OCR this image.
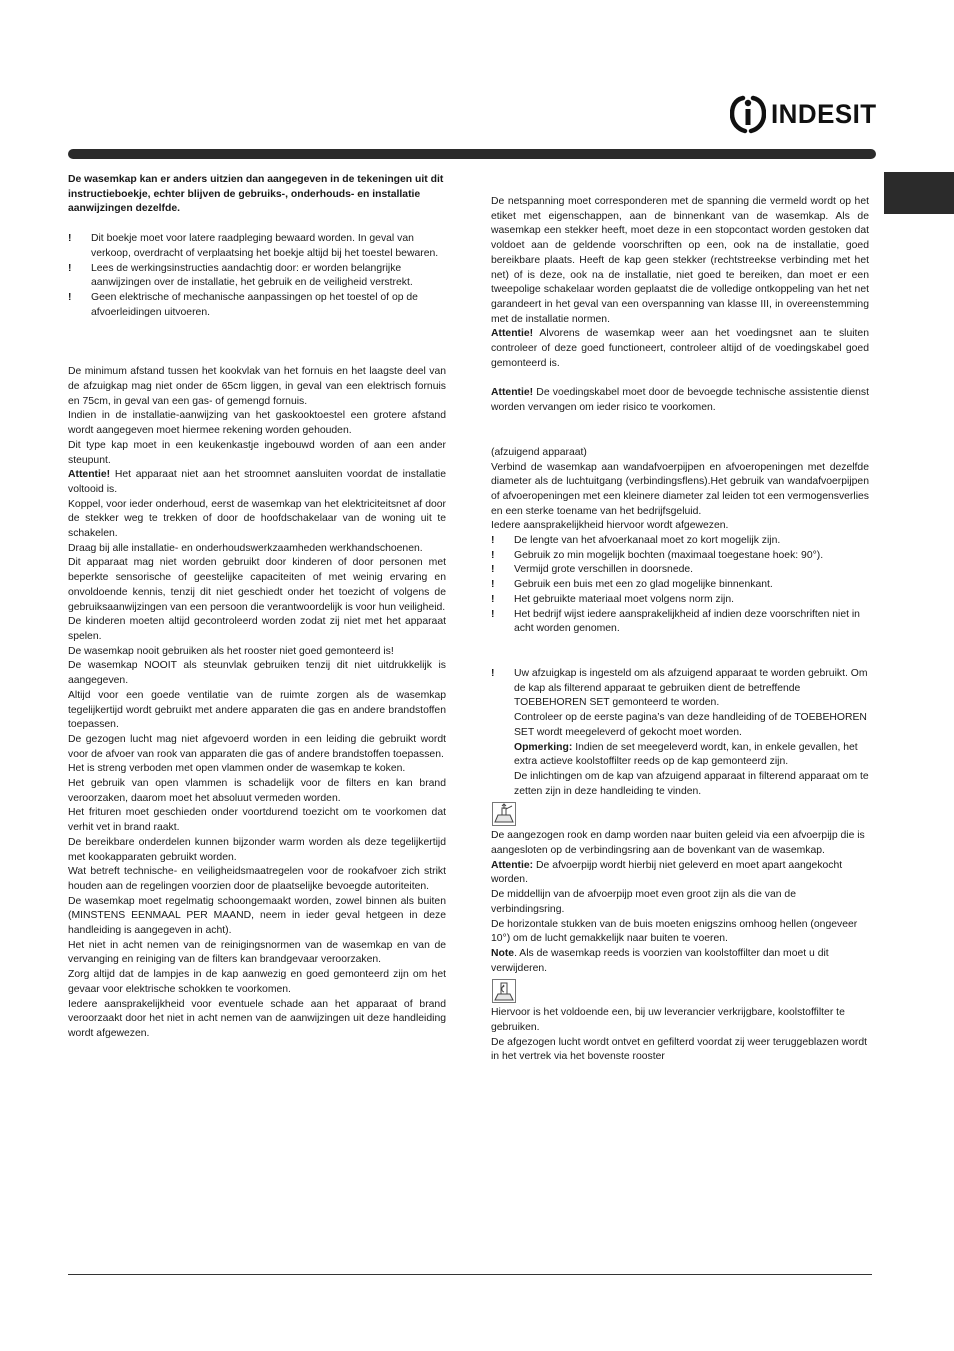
INDESIT

De wasemkap kan er anders uitzien dan aangegeven in de tekeningen uit dit instructieboekje, echter blijven de gebruiks-, onderhouds- en installatie aanwijzingen dezelfde.

! Dit boekje moet voor latere raadpleging bewaard worden. In geval van verkoop, overdracht of verplaatsing het boekje altijd bij het toestel bewaren.

! Lees de werkingsinstructies aandachtig door: er worden belangrijke aanwijzingen over de installatie, het gebruik en de veiligheid verstrekt.

! Geen elektrische of mechanische aanpassingen op het toestel of op de afvoerleidingen uitvoeren.

De minimum afstand tussen het kookvlak van het fornuis en het laagste deel van de afzuigkap mag niet onder de 65cm liggen, in geval van een elektrisch fornuis en 75cm, in geval van een gas- of gemengd fornuis.

Indien in de installatie-aanwijzing van het gaskooktoestel een grotere afstand wordt aangegeven moet hiermee rekening worden gehouden.

Dit type kap moet in een keukenkastje ingebouwd worden of aan een ander steupunt.

Attentie! Het apparaat niet aan het stroomnet aansluiten voordat de installatie voltooid is.

Koppel, voor ieder onderhoud, eerst de wasemkap van het elektriciteitsnet af door de stekker weg te trekken of door de hoofdschakelaar van de woning uit te schakelen.

Draag bij alle installatie- en onderhoudswerkzaamheden werkhandschoenen.

Dit apparaat mag niet worden gebruikt door kinderen of door personen met beperkte sensorische of geestelijke capaciteiten of met weinig ervaring en onvoldoende kennis, tenzij dit niet geschiedt onder het toezicht of volgens de gebruiksaanwijzingen van een persoon die verantwoordelijk is voor hun veiligheid.

De kinderen moeten altijd gecontroleerd worden zodat zij niet met het apparaat spelen.

De wasemkap nooit gebruiken als het rooster niet goed gemonteerd is!

De wasemkap NOOIT als steunvlak gebruiken tenzij dit niet uitdrukkelijk is aangegeven.

Altijd voor een goede ventilatie van de ruimte zorgen als de wasemkap tegelijkertijd wordt gebruikt met andere apparaten die gas en andere brandstoffen toepassen.

De gezogen lucht mag niet afgevoerd worden in een leiding die gebruikt wordt voor de afvoer van rook van apparaten die gas of andere brandstoffen toepassen.

Het is streng verboden met open vlammen onder de wasemkap te koken.

Het gebruik van open vlammen is schadelijk voor de filters en kan brand veroorzaken, daarom moet het absoluut vermeden worden.

Het frituren moet geschieden onder voortdurend toezicht om te voorkomen dat verhit vet in brand raakt.

De bereikbare onderdelen kunnen bijzonder warm worden als deze tegelijkertijd met kookapparaten gebruikt worden.

Wat betreft technische- en veiligheidsmaatregelen voor de rookafvoer zich strikt houden aan de regelingen voorzien door de plaatselijke bevoegde autoriteiten.

De wasemkap moet regelmatig schoongemaakt worden, zowel binnen als buiten (MINSTENS EENMAAL PER MAAND, neem in ieder geval hetgeen in deze handleiding is aangegeven in acht).

Het niet in acht nemen van de reinigingsnormen van de wasemkap en van de vervanging en reiniging van de filters kan brandgevaar veroorzaken.

Zorg altijd dat de lampjes in de kap aanwezig en goed gemonteerd zijn om het gevaar voor elektrische schokken te voorkomen.

Iedere aansprakelijkheid voor eventuele schade aan het apparaat of brand veroorzaakt door het niet in acht nemen van de aanwijzingen uit deze handleiding wordt afgewezen.

De netspanning moet corresponderen met de spanning die vermeld wordt op het etiket met eigenschappen, aan de binnenkant van de wasemkap. Als de wasemkap een stekker heeft, moet deze in een stopcontact worden gestoken dat voldoet aan de geldende voorschriften op een, ook na de installatie, goed bereikbare plaats. Heeft de kap geen stekker (rechtstreekse verbinding met het net) of is deze, ook na de installatie, niet goed te bereiken, dan moet er een tweepolige schakelaar worden geplaatst die de volledige ontkoppeling van het net garandeert in het geval van een overspanning van klasse III, in overeenstemming met de installatie normen.

Attentie! Alvorens de wasemkap weer aan het voedingsnet aan te sluiten controleer of deze goed functioneert, controleer altijd of de voedingskabel goed gemonteerd is.

Attentie! De voedingskabel moet door de bevoegde technische assistentie dienst worden vervangen om ieder risico te voorkomen.

(afzuigend apparaat)

Verbind de wasemkap aan wandafvoerpijpen en afvoeropeningen met dezelfde diameter als de luchtuitgang (verbindingsflens).Het gebruik van wandafvoerpijpen of afvoeropeningen met een kleinere diameter zal leiden tot een vermogensverlies en een sterke toename van het bedrijfsgeluid.

Iedere aansprakelijkheid hiervoor wordt afgewezen.

! De lengte van het afvoerkanaal moet zo kort mogelijk zijn.

! Gebruik zo min mogelijk bochten (maximaal toegestane hoek: 90°).

! Vermijd grote verschillen in doorsnede.

! Gebruik een buis met een zo glad mogelijke binnenkant.

! Het gebruikte materiaal moet volgens norm zijn.

! Het bedrijf wijst iedere aansprakelijkheid af indien deze voorschriften niet in acht worden genomen.

! Uw afzuigkap is ingesteld om als afzuigend apparaat te worden gebruikt. Om de kap als filterend apparaat te gebruiken dient de betreffende TOEBEHOREN SET gemonteerd te worden.

Controleer op de eerste pagina’s van deze handleiding of de TOEBEHOREN SET wordt meegeleverd of gekocht moet worden.

Opmerking: Indien de set meegeleverd wordt, kan, in enkele gevallen, het extra actieve koolstoffilter reeds op de kap gemonteerd zijn.

De inlichtingen om de kap van afzuigend apparaat in filterend apparaat om te zetten zijn in deze handleiding te vinden.

De aangezogen rook en damp worden naar buiten geleid via een afvoerpijp die is aangesloten op de verbindingsring aan de bovenkant van de wasemkap.

Attentie: De afvoerpijp wordt hierbij niet geleverd en moet apart aangekocht worden.

De middellijn van de afvoerpijp moet even groot zijn als die van de verbindingsring.

De horizontale stukken van de buis moeten enigszins omhoog hellen (ongeveer 10°) om de lucht gemakkelijk naar buiten te voeren.

Note. Als de wasemkap reeds is voorzien van koolstoffilter dan moet u dit verwijderen.

Hiervoor is het voldoende een, bij uw leverancier verkrijgbare, koolstoffilter te gebruiken.

De afgezogen lucht wordt ontvet en gefilterd voordat zij weer teruggeblazen wordt in het vertrek via het bovenste rooster
